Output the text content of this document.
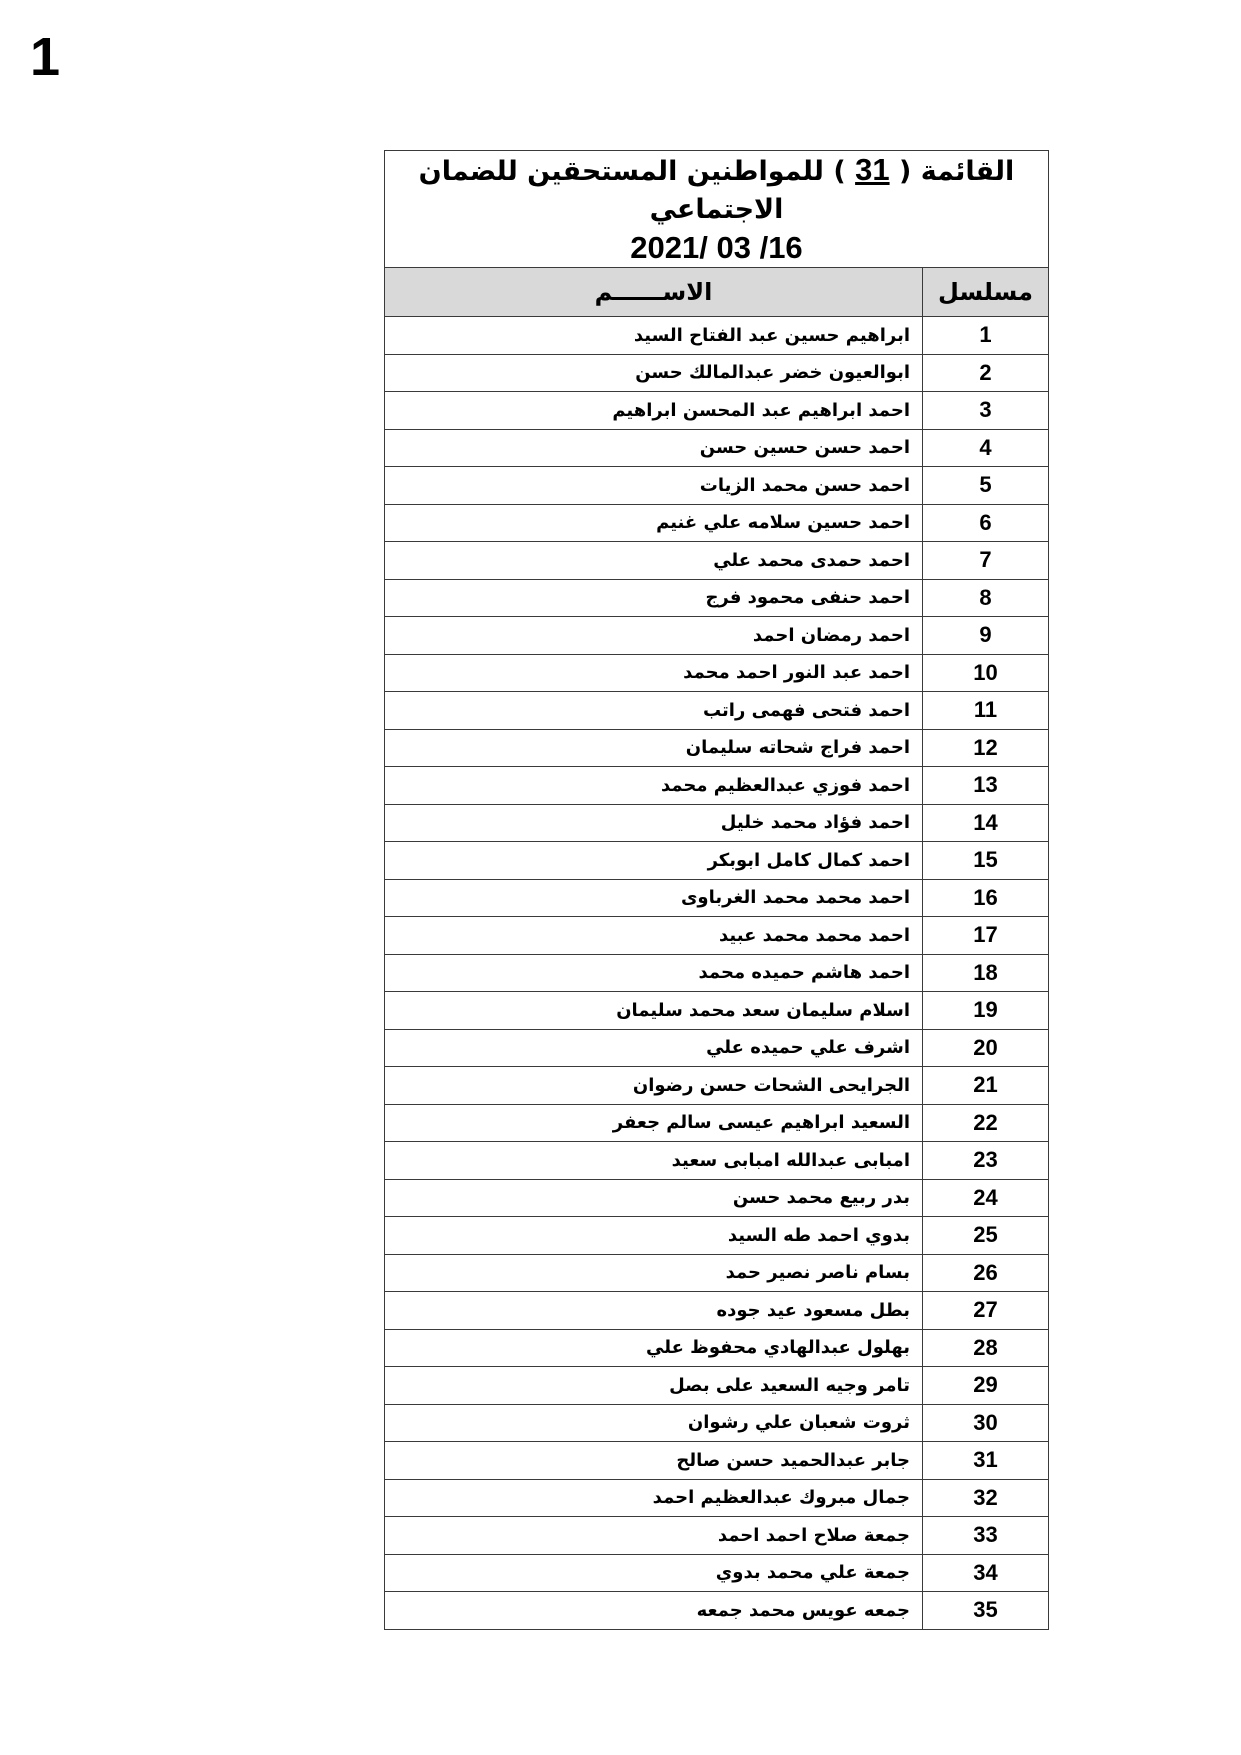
1
القائمة ( 31 ) للمواطنين المستحقين للضمان الاجتماعي
2021/ 03 /16	

مسلسل	الاســــــم
1	ابراهيم حسين عبد الفتاح السيد
2	ابوالعيون خضر عبدالمالك حسن
3	احمد ابراهيم عبد المحسن ابراهيم
4	احمد حسن حسين حسن
5	احمد حسن محمد الزيات
6	احمد حسين سلامه علي غنيم
7	احمد حمدى محمد علي
8	احمد حنفى محمود فرج
9	احمد رمضان احمد
10	احمد عبد النور احمد محمد
11	احمد فتحى فهمى راتب
12	احمد فراج شحاته سليمان
13	احمد فوزي عبدالعظيم محمد
14	احمد فؤاد محمد خليل
15	احمد كمال كامل ابوبكر
16	احمد محمد محمد الغرباوى
17	احمد محمد محمد عبيد
18	احمد هاشم حميده محمد
19	اسلام سليمان سعد محمد سليمان
20	اشرف علي حميده علي
21	الجرايحى الشحات حسن رضوان
22	السعيد ابراهيم عيسى سالم جعفر
23	امبابى عبدالله امبابى سعيد
24	بدر ربيع محمد حسن
25	بدوي احمد طه السيد
26	بسام ناصر نصير حمد
27	بطل مسعود عيد جوده
28	بهلول عبدالهادي محفوظ علي
29	تامر وجيه السعيد على بصل
30	ثروت شعبان علي رشوان
31	جابر عبدالحميد حسن صالح
32	جمال مبروك عبدالعظيم احمد
33	جمعة صلاح احمد احمد
34	جمعة علي محمد بدوي
35	جمعه عويس محمد جمعه
